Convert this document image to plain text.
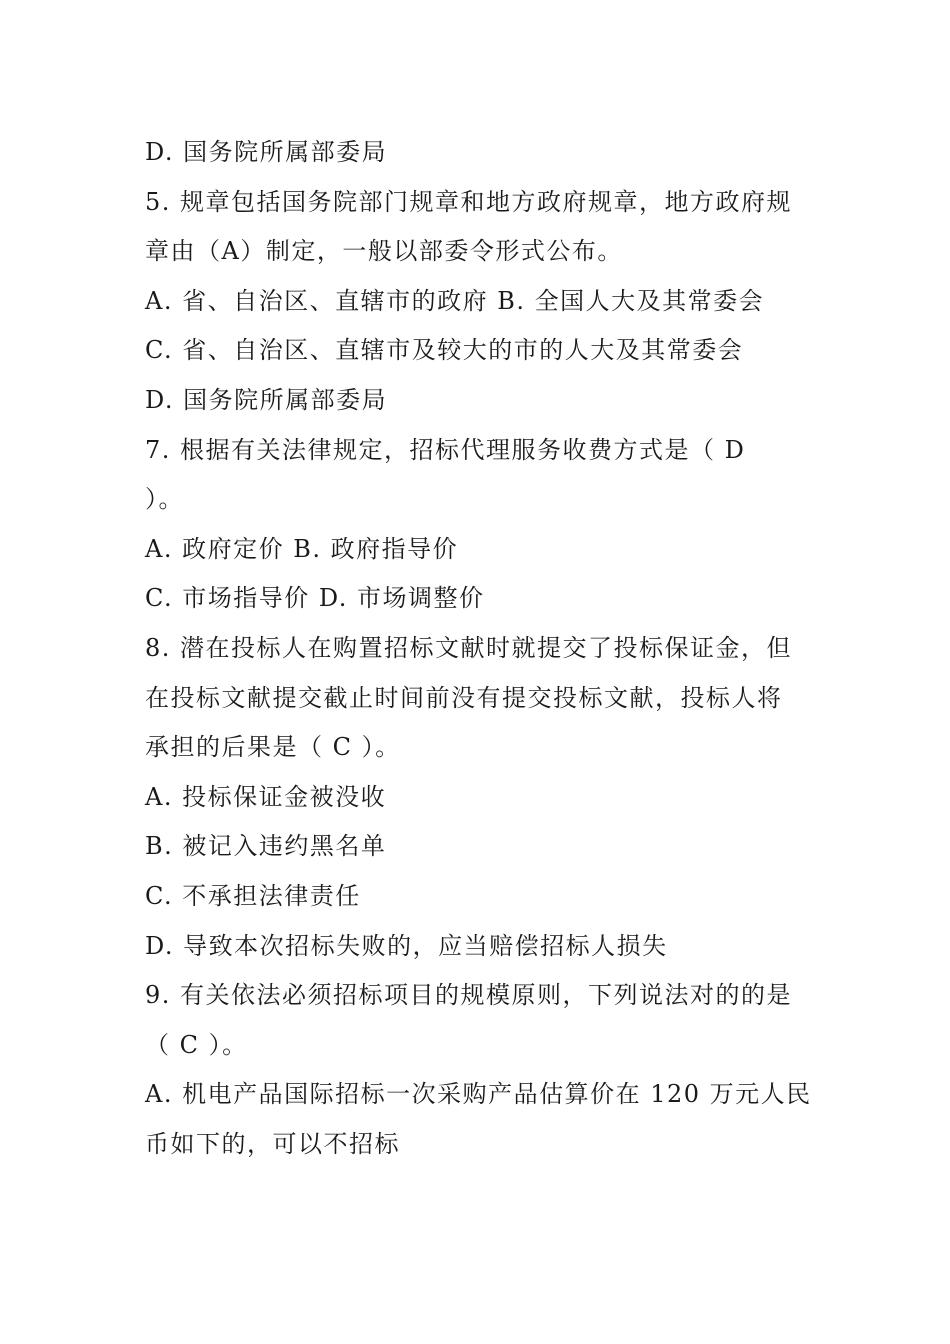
D. 国务院所属部委局
5. 规章包括国务院部门规章和地方政府规章，地方政府规
章由（A）制定，一般以部委令形式公布。
A. 省、自治区、直辖市的政府 B. 全国人大及其常委会
C. 省、自治区、直辖市及较大的市的人大及其常委会
D. 国务院所属部委局
7. 根据有关法律规定，招标代理服务收费方式是（ D
）。
A. 政府定价 B. 政府指导价
C. 市场指导价 D. 市场调整价
8. 潜在投标人在购置招标文献时就提交了投标保证金，但
在投标文献提交截止时间前没有提交投标文献，投标人将
承担的后果是（ C ）。
A. 投标保证金被没收
B. 被记入违约黑名单
C. 不承担法律责任
D. 导致本次招标失败的，应当赔偿招标人损失
9. 有关依法必须招标项目的规模原则，下列说法对的的是
（ C ）。
A. 机电产品国际招标一次采购产品估算价在 120 万元人民
币如下的，可以不招标
